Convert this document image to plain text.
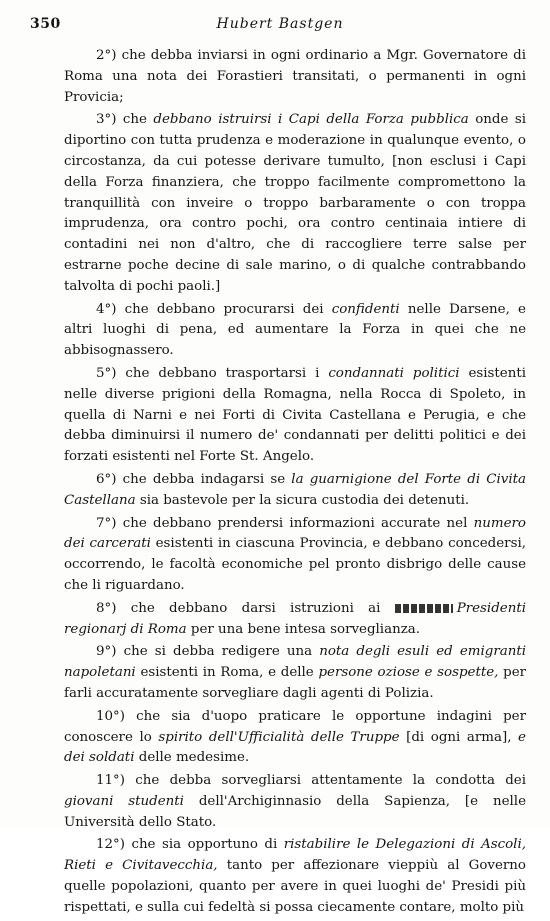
350	Hubert Bastgen

2°) che debba inviarsi in ogni ordinario a Mgr. Governatore di Roma una nota dei Forastieri transitati, o permanenti in ogni Provicia;

3°) che debbano istruirsi i Capi della Forza pubblica onde si diportino con tutta prudenza e moderazione in qualunque evento, o circostanza, da cui potesse derivare tumulto, [non esclusi i Capi della Forza finanziera, che troppo facilmente compromettono la tranquillità con inveire o troppo barbaramente o con troppa imprudenza, ora contro pochi, ora contro centinaia intiere di contadini nei non d'altro, che di raccogliere terre salse per estrarne poche decine di sale marino, o di qualche contrabbando talvolta di pochi paoli.]

4°) che debbano procurarsi dei confidenti nelle Darsene, e altri luoghi di pena, ed aumentare la Forza in quei che ne abbisognassero.

5°) che debbano trasportarsi i condannati politici esistenti nelle diverse prigioni della Romagna, nella Rocca di Spoleto, in quella di Narni e nei Forti di Civita Castellana e Perugia, e che debba diminuirsi il numero de' condannati per delitti politici e dei forzati esistenti nel Forte St. Angelo.

6°) che debba indagarsi se la guarnigione del Forte di Civita Castellana sia bastevole per la sicura custodia dei detenuti.

7°) che debbano prendersi informazioni accurate nel numero dei carcerati esistenti in ciascuna Provincia, e debbano concedersi, occorrendo, le facoltà economiche pel pronto disbrigo delle cause che li riguardano.

8°) che debbano darsi istruzioni ai	Presidenti regionarj di Roma per una bene intesa sorveglianza.

9°) che si debba redigere una nota degli esuli ed emigranti napoletani esistenti in Roma, e delle persone oziose e sospette, per farli accuratamente sorvegliare dagli agenti di Polizia.

10°) che sia d'uopo praticare le opportune indagini per conoscere lo spirito dell'Ufficialità delle Truppe [di ogni arma], e dei soldati delle medesime.

11°) che debba sorvegliarsi attentamente la condotta dei giovani studenti dell'Archiginnasio della Sapienza, [e nelle Università dello Stato.

12°) che sia opportuno di ristabilire le Delegazioni di Ascoli, Rieti e Civitavecchia, tanto per affezionare vieppiù al Governo quelle popolazioni, quanto per avere in quei luoghi de' Presidi più rispettati, e sulla cui fedeltà si possa ciecamente contare, molto più
